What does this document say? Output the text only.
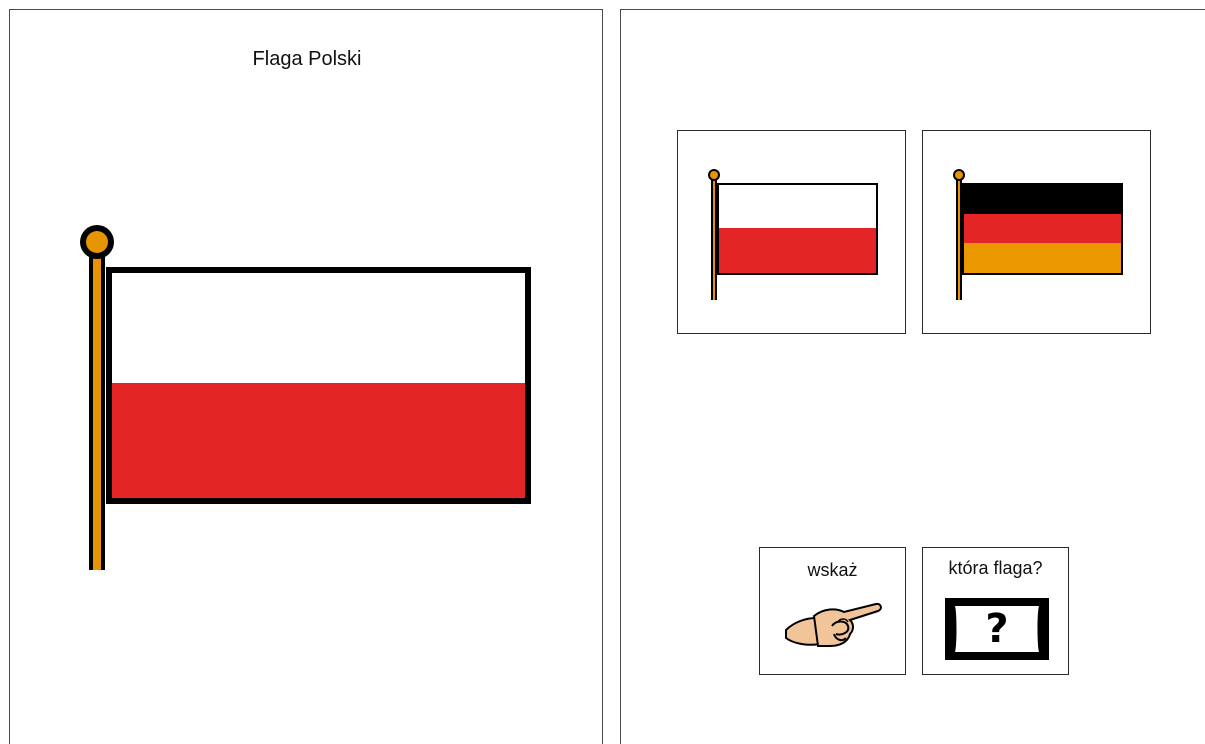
Flaga Polski
wskaż	która flaga?
?
